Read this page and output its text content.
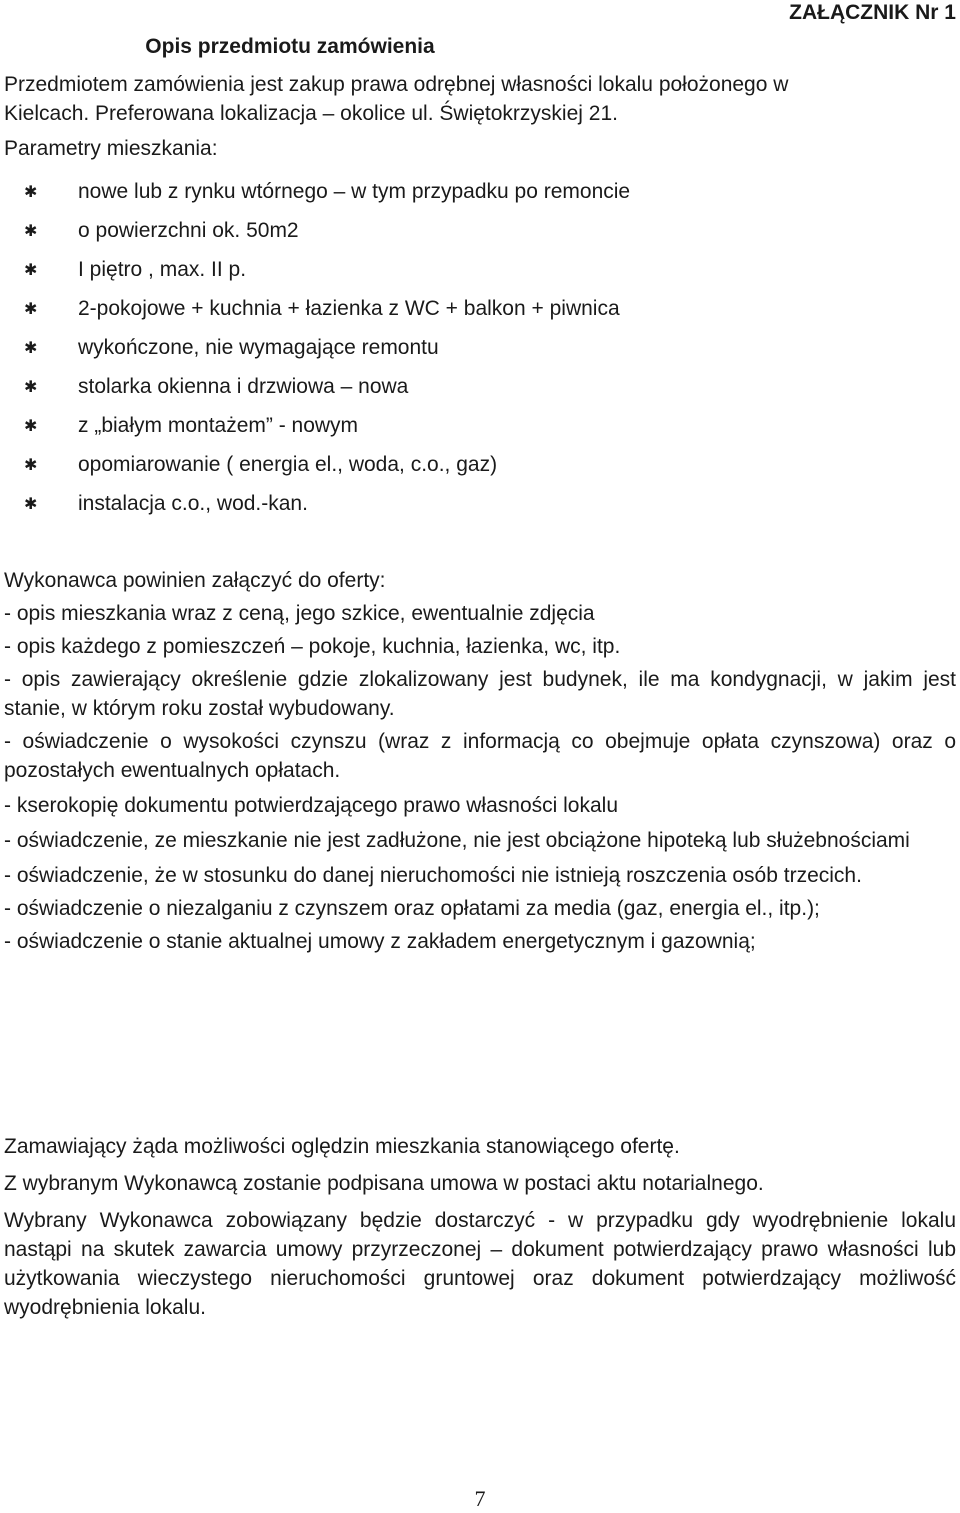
ZAŁĄCZNIK Nr 1
Opis przedmiotu zamówienia

Przedmiotem zamówienia jest zakup prawa odrębnej własności lokalu położonego w

Kielcach. Preferowana lokalizacja – okolice ul. Świętokrzyskiej 21.

Parametry mieszkania:

✱ nowe lub z rynku wtórnego – w tym przypadku po remoncie
✱ o powierzchni ok. 50m2
✱ I piętro , max. II p.
✱ 2-pokojowe + kuchnia + łazienka z WC + balkon + piwnica
✱ wykończone, nie wymagające remontu
✱ stolarka okienna i drzwiowa – nowa
✱ z „białym montażem” - nowym
✱ opomiarowanie ( energia el., woda, c.o., gaz)
✱ instalacja c.o., wod.-kan.

Wykonawca powinien załączyć do oferty:

- opis mieszkania wraz z ceną, jego szkice, ewentualnie zdjęcia

- opis każdego z pomieszczeń – pokoje, kuchnia, łazienka, wc, itp.

- opis zawierający określenie gdzie zlokalizowany jest budynek, ile ma kondygnacji, w jakim jest stanie, w którym roku został wybudowany.

- oświadczenie o wysokości czynszu (wraz z informacją co obejmuje opłata czynszowa) oraz o pozostałych ewentualnych opłatach.

- kserokopię dokumentu potwierdzającego prawo własności lokalu

- oświadczenie, ze mieszkanie nie jest zadłużone, nie jest obciążone hipoteką lub służebnościami

- oświadczenie, że w stosunku do danej nieruchomości nie istnieją roszczenia osób trzecich.

- oświadczenie o niezalganiu z czynszem oraz opłatami za media (gaz, energia el., itp.);

- oświadczenie o stanie aktualnej umowy z zakładem energetycznym i gazownią;

Zamawiający żąda możliwości oględzin mieszkania stanowiącego ofertę.

Z wybranym Wykonawcą zostanie podpisana umowa w postaci aktu notarialnego.

Wybrany Wykonawca zobowiązany będzie dostarczyć - w przypadku gdy wyodrębnienie lokalu nastąpi na skutek zawarcia umowy przyrzeczonej – dokument potwierdzający prawo własności lub użytkowania wieczystego nieruchomości gruntowej oraz dokument potwierdzający możliwość wyodrębnienia lokalu.

7
